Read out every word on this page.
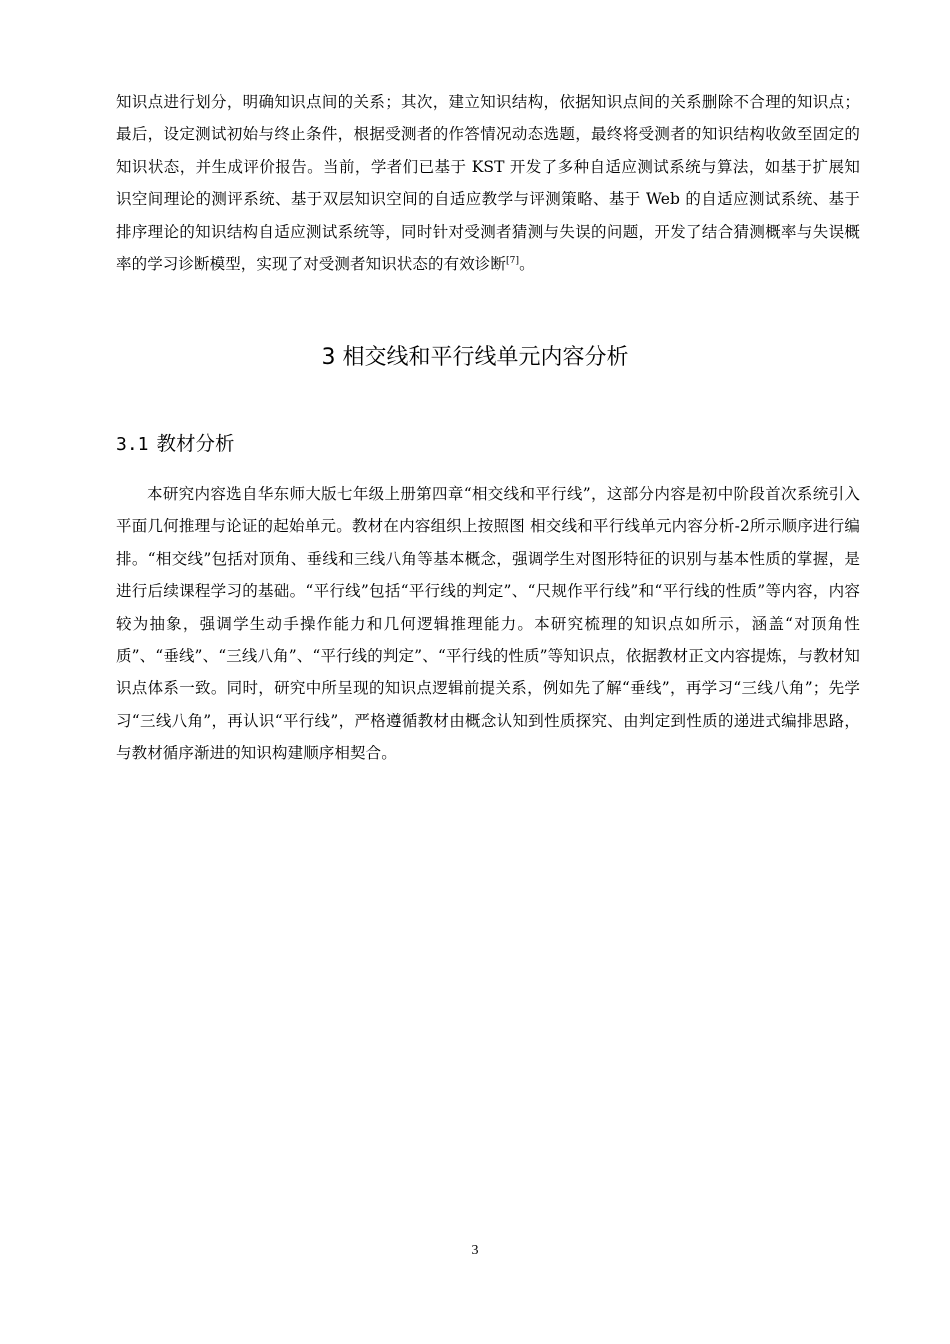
知识点进行划分，明确知识点间的关系；其次，建立知识结构，依据知识点间的关系删除不合理的知识点；最后，设定测试初始与终止条件，根据受测者的作答情况动态选题，最终将受测者的知识结构收敛至固定的知识状态，并生成评价报告。当前，学者们已基于 KST 开发了多种自适应测试系统与算法，如基于扩展知识空间理论的测评系统、基于双层知识空间的自适应教学与评测策略、基于 Web 的自适应测试系统、基于排序理论的知识结构自适应测试系统等，同时针对受测者猜测与失误的问题，开发了结合猜测概率与失误概率的学习诊断模型，实现了对受测者知识状态的有效诊断[7]。
3 相交线和平行线单元内容分析
3.1 教材分析
本研究内容选自华东师大版七年级上册第四章“相交线和平行线”，这部分内容是初中阶段首次系统引入平面几何推理与论证的起始单元。教材在内容组织上按照图 相交线和平行线单元内容分析-2所示顺序进行编排。“相交线”包括对顶角、垂线和三线八角等基本概念，强调学生对图形特征的识别与基本性质的掌握，是进行后续课程学习的基础。“平行线”包括“平行线的判定”、“尺规作平行线”和“平行线的性质”等内容，内容较为抽象，强调学生动手操作能力和几何逻辑推理能力。本研究梳理的知识点如所示，涵盖“对顶角性质”、“垂线”、“三线八角”、“平行线的判定”、“平行线的性质”等知识点，依据教材正文内容提炼，与教材知识点体系一致。同时，研究中所呈现的知识点逻辑前提关系，例如先了解“垂线”，再学习“三线八角”；先学习“三线八角”，再认识“平行线”，严格遵循教材由概念认知到性质探究、由判定到性质的递进式编排思路，与教材循序渐进的知识构建顺序相契合。
3
